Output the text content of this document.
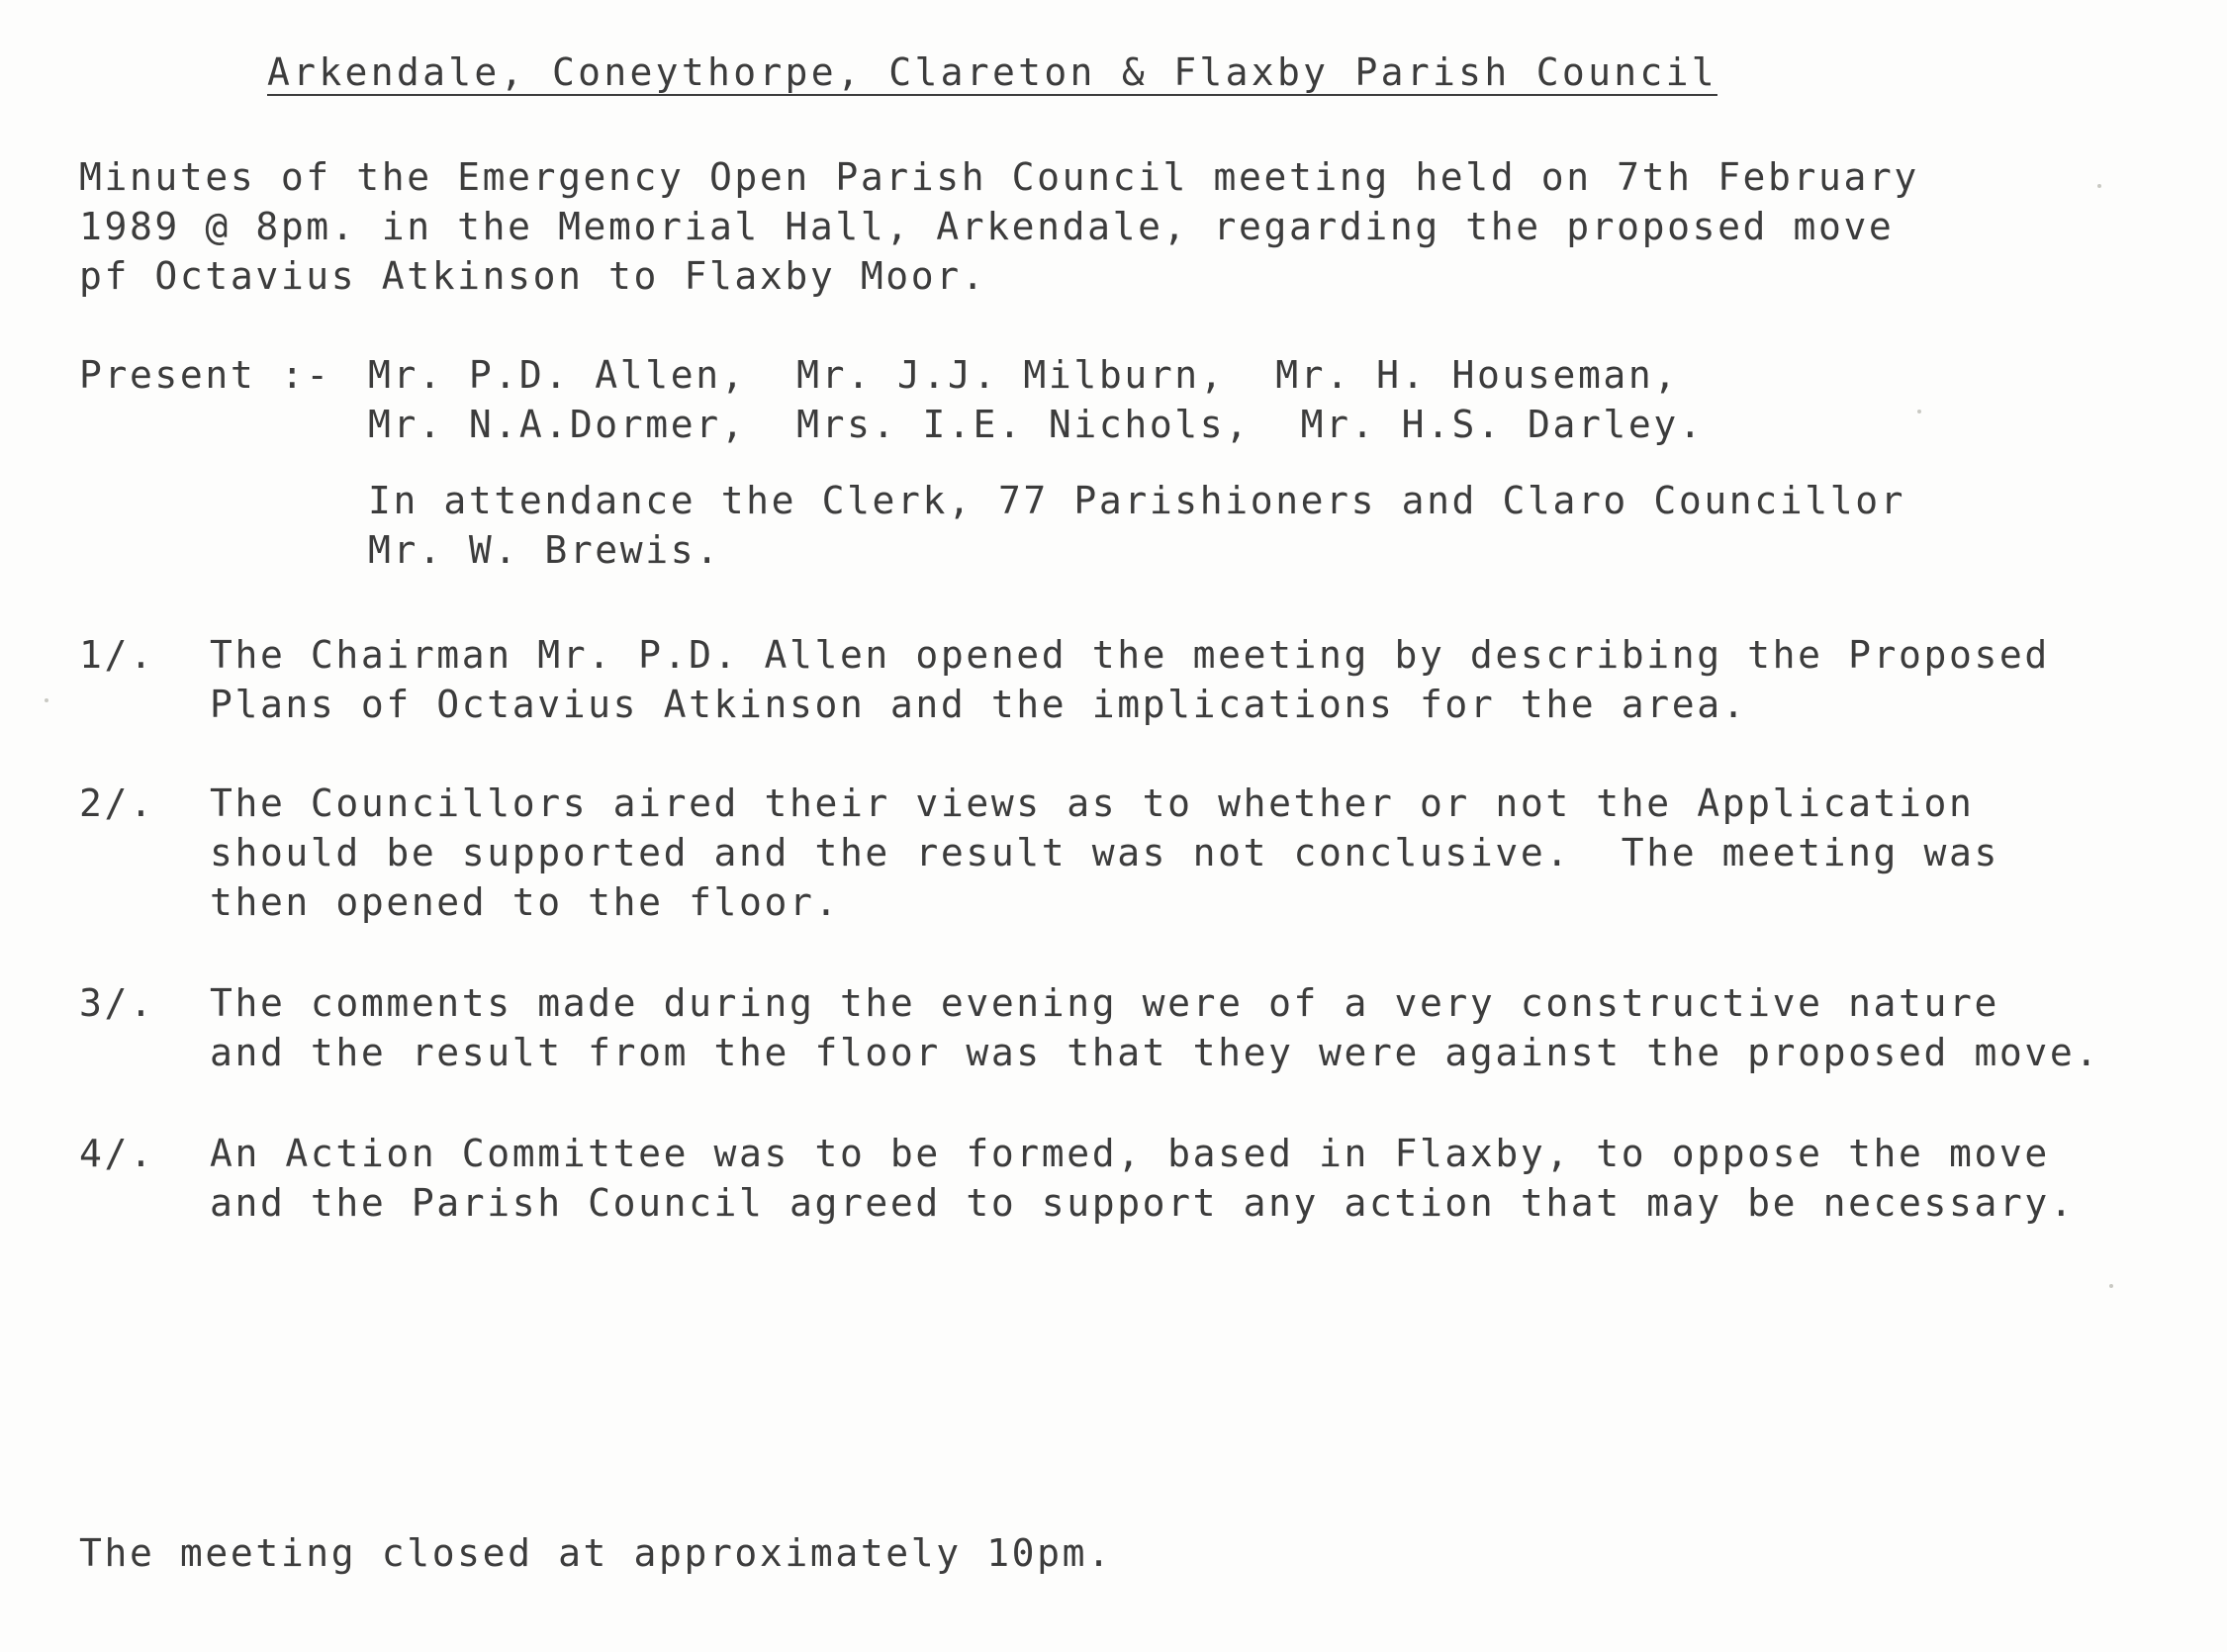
Arkendale, Coneythorpe, Clareton & Flaxby Parish Council
Minutes of the Emergency Open Parish Council meeting held on 7th February
1989 @ 8pm. in the Memorial Hall, Arkendale, regarding the proposed move
pf Octavius Atkinson to Flaxby Moor.
Present :- Mr. P.D. Allen,  Mr. J.J. Milburn,  Mr. H. Houseman,
Mr. N.A.Dormer,  Mrs. I.E. Nichols,  Mr. H.S. Darley.
In attendance the Clerk, 77 Parishioners and Claro Councillor
Mr. W. Brewis.
1/. The Chairman Mr. P.D. Allen opened the meeting by describing the Proposed
Plans of Octavius Atkinson and the implications for the area.
2/. The Councillors aired their views as to whether or not the Application
should be supported and the result was not conclusive.  The meeting was
then opened to the floor.
3/. The comments made during the evening were of a very constructive nature
and the result from the floor was that they were against the proposed move.
4/. An Action Committee was to be formed, based in Flaxby, to oppose the move
and the Parish Council agreed to support any action that may be necessary.
The meeting closed at approximately 10pm.
